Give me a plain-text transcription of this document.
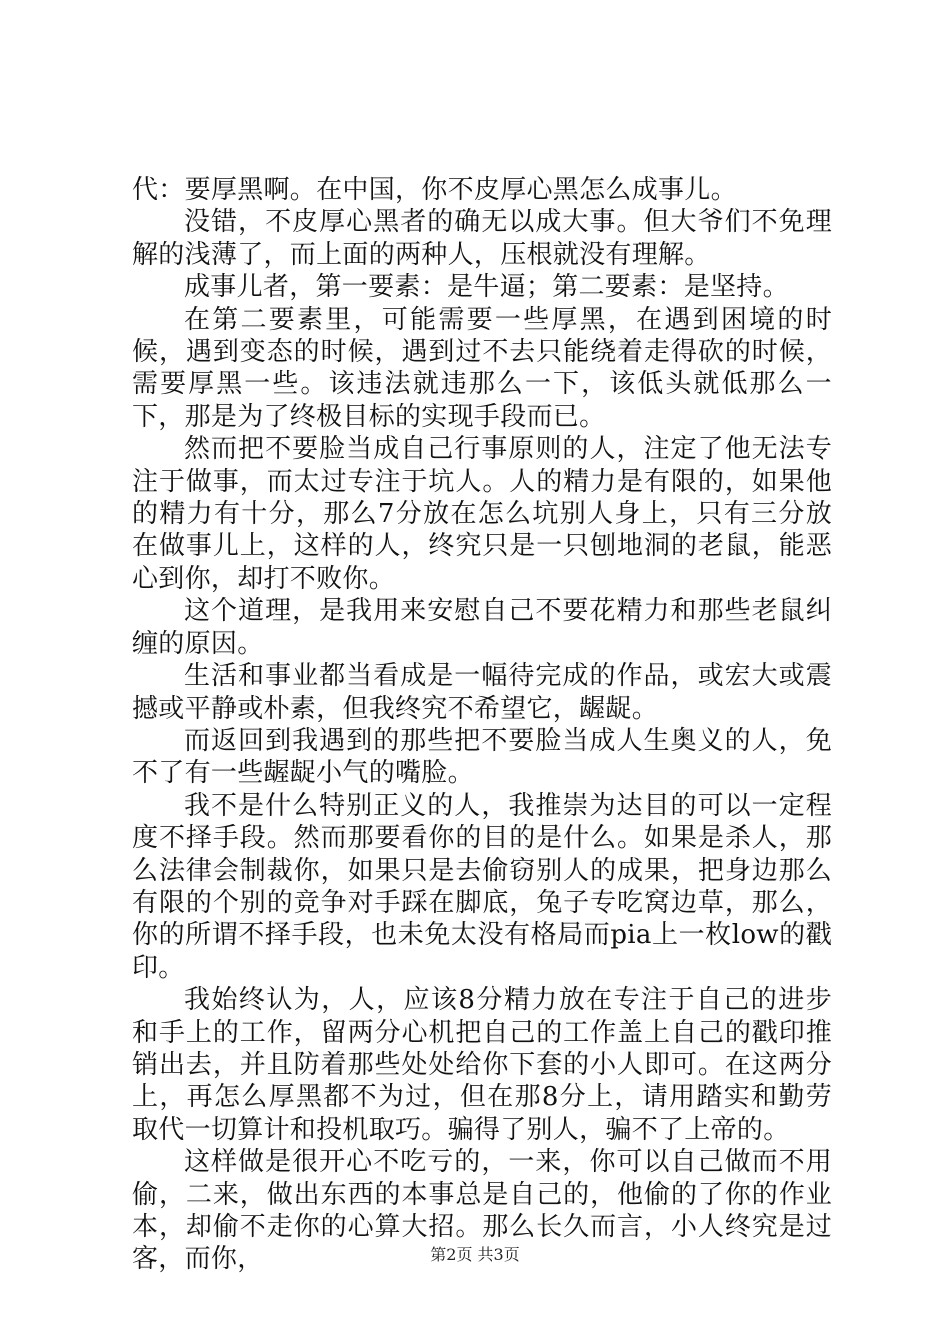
代：要厚黑啊。在中国，你不皮厚心黑怎么成事儿。

没错，不皮厚心黑者的确无以成大事。但大爷们不免理解的浅薄了，而上面的两种人，压根就没有理解。

成事儿者，第一要素：是牛逼；第二要素：是坚持。

在第二要素里，可能需要一些厚黑，在遇到困境的时候，遇到变态的时候，遇到过不去只能绕着走得砍的时候，需要厚黑一些。该违法就违那么一下，该低头就低那么一下，那是为了终极目标的实现手段而已。

然而把不要脸当成自己行事原则的人，注定了他无法专注于做事，而太过专注于坑人。人的精力是有限的，如果他的精力有十分，那么7分放在怎么坑别人身上，只有三分放在做事儿上，这样的人，终究只是一只刨地洞的老鼠，能恶心到你，却打不败你。

这个道理，是我用来安慰自己不要花精力和那些老鼠纠缠的原因。

生活和事业都当看成是一幅待完成的作品，或宏大或震撼或平静或朴素，但我终究不希望它，龌龊。

而返回到我遇到的那些把不要脸当成人生奥义的人，免不了有一些龌龊小气的嘴脸。

我不是什么特别正义的人，我推崇为达目的可以一定程度不择手段。然而那要看你的目的是什么。如果是杀人，那么法律会制裁你，如果只是去偷窃别人的成果，把身边那么有限的个别的竞争对手踩在脚底，兔子专吃窝边草，那么，你的所谓不择手段，也未免太没有格局而pia上一枚low的戳印。

我始终认为，人，应该8分精力放在专注于自己的进步和手上的工作，留两分心机把自己的工作盖上自己的戳印推销出去，并且防着那些处处给你下套的小人即可。在这两分上，再怎么厚黑都不为过，但在那8分上，请用踏实和勤劳取代一切算计和投机取巧。骗得了别人，骗不了上帝的。

这样做是很开心不吃亏的，一来，你可以自己做而不用偷，二来，做出东西的本事总是自己的，他偷的了你的作业本，却偷不走你的心算大招。那么长久而言，小人终究是过客，而你，	第2页 共3页
